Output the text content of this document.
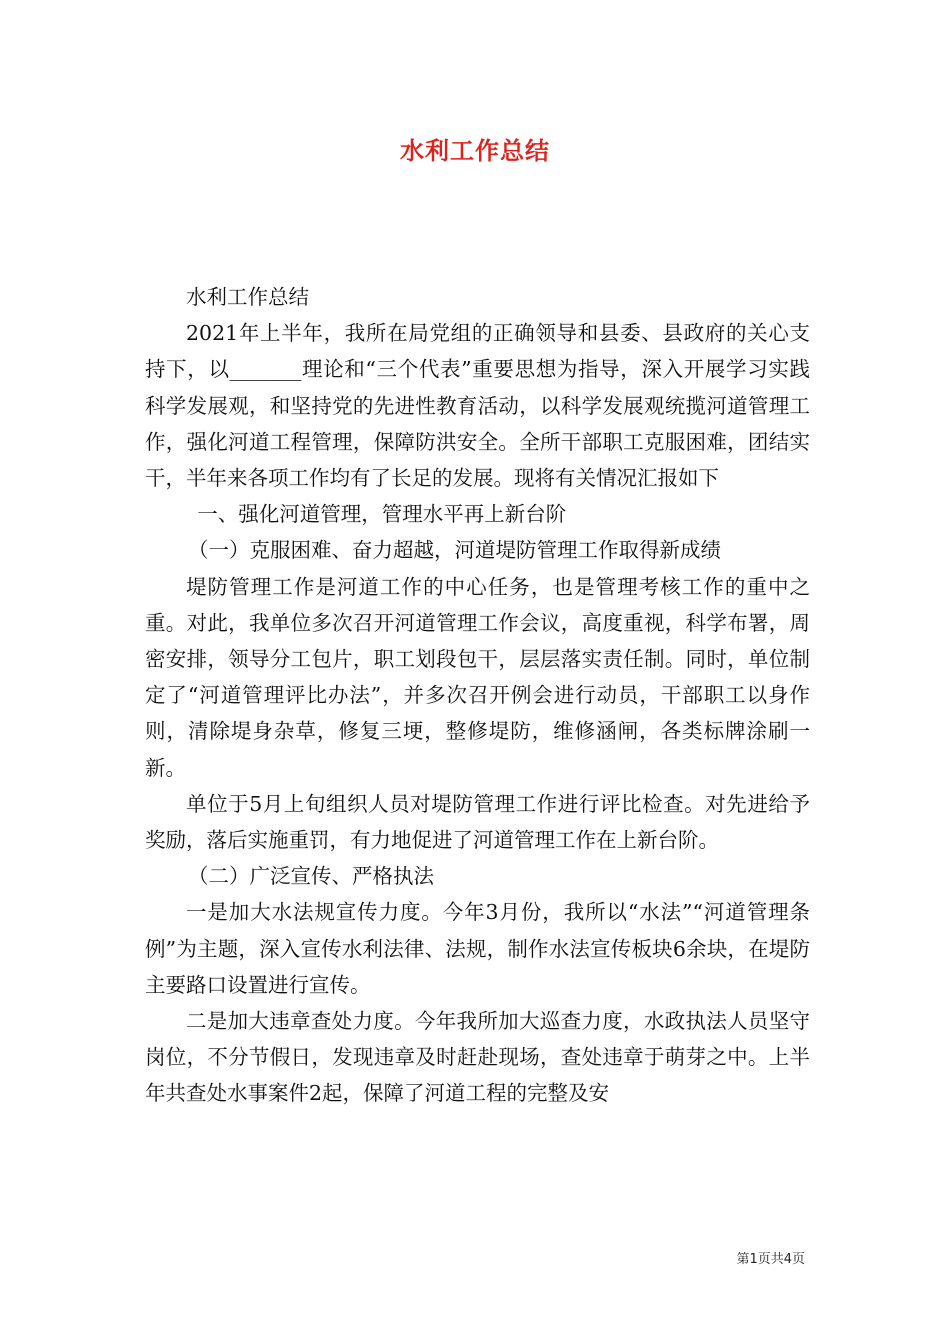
水利工作总结

水利工作总结

2021年上半年，我所在局党组的正确领导和县委、县政府的关心支持下，以_______理论和“三个代表”重要思想为指导，深入开展学习实践科学发展观，和坚持党的先进性教育活动，以科学发展观统揽河道管理工作，强化河道工程管理，保障防洪安全。全所干部职工克服困难，团结实干，半年来各项工作均有了长足的发展。现将有关情况汇报如下

一、强化河道管理，管理水平再上新台阶

（一）克服困难、奋力超越，河道堤防管理工作取得新成绩

堤防管理工作是河道工作的中心任务，也是管理考核工作的重中之重。对此，我单位多次召开河道管理工作会议，高度重视，科学布署，周密安排，领导分工包片，职工划段包干，层层落实责任制。同时，单位制定了“河道管理评比办法”，并多次召开例会进行动员，干部职工以身作则，清除堤身杂草，修复三埂，整修堤防，维修涵闸，各类标牌涂刷一新。

单位于5月上旬组织人员对堤防管理工作进行评比检查。对先进给予奖励，落后实施重罚，有力地促进了河道管理工作在上新台阶。

（二）广泛宣传、严格执法

一是加大水法规宣传力度。今年3月份，我所以“水法”“河道管理条例”为主题，深入宣传水利法律、法规，制作水法宣传板块6余块，在堤防主要路口设置进行宣传。

二是加大违章查处力度。今年我所加大巡查力度，水政执法人员坚守岗位，不分节假日，发现违章及时赶赴现场，查处违章于萌芽之中。上半年共查处水事案件2起，保障了河道工程的完整及安

第1页共4页
